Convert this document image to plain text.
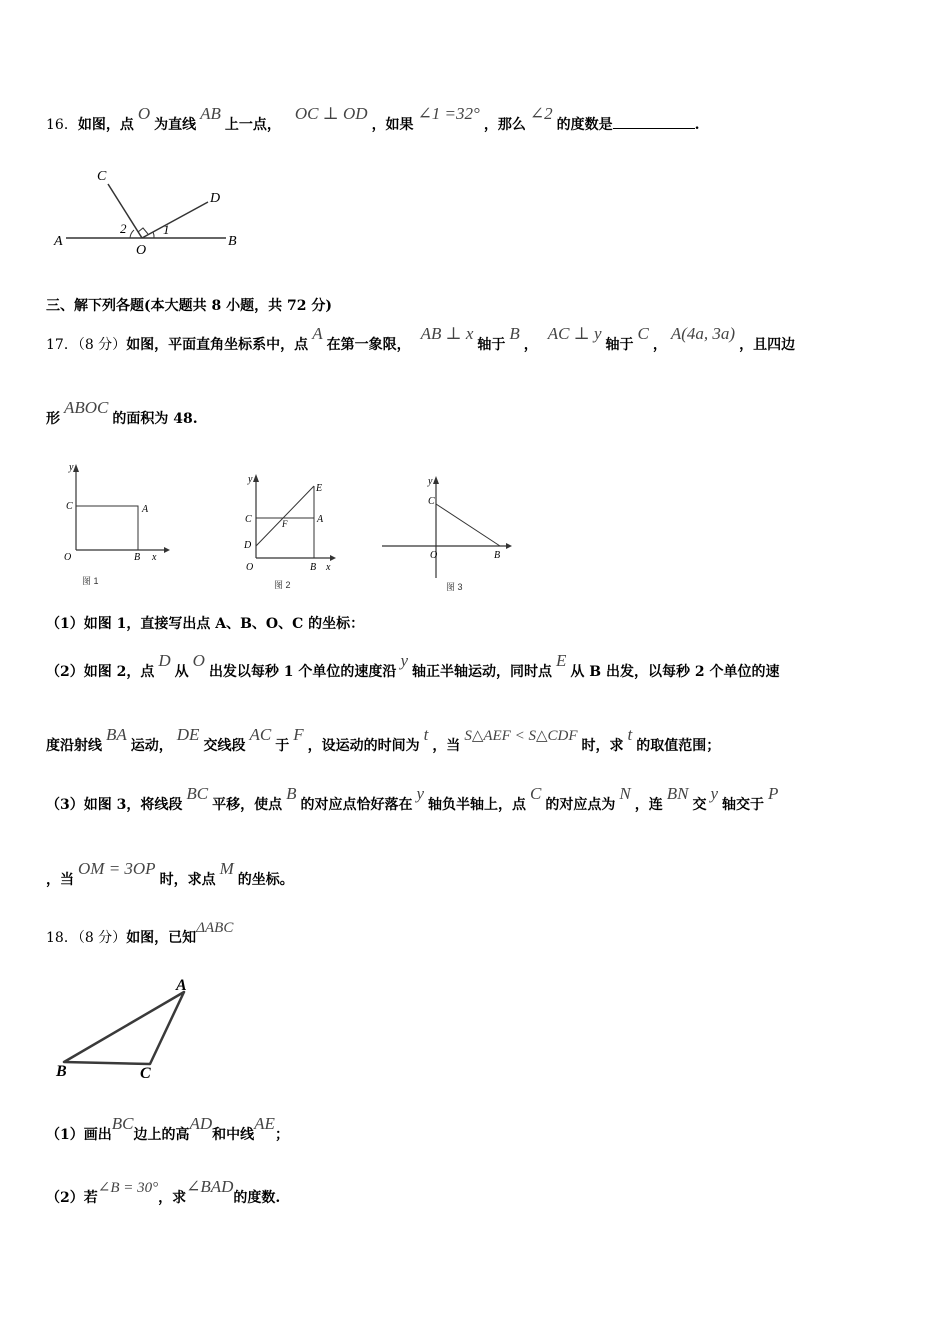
16．如图，点O为直线AB上一点，OC ⊥ OD，如果∠1 =32°，那么∠2的度数是	.
A	B
C
D
O
1
2
三、解下列各题(本大题共 8 小题，共 72 分)
17．（8 分）如图，平面直角坐标系中，点A在第一象限，AB ⊥ x轴于B，AC ⊥ y轴于C，A(4a, 3a)，且四边
形ABOC的面积为 48.
y
x
C	A
O	B
图 1
y
x
E
C	F	A
D
O	B
图 2
y
C
O	B
图 3
（1）如图 1，直接写出点 A、B、O、C 的坐标：
（2）如图 2，点D从O出发以每秒 1 个单位的速度沿y轴正半轴运动，同时点E从 B 出发，以每秒 2 个单位的速
度沿射线BA运动，DE交线段AC于F，设运动的时间为t，当S△AEF < S△CDF时，求t的取值范围；
（3）如图 3，将线段BC平移，使点B的对应点恰好落在y轴负半轴上，点C的对应点为N，连BN交y轴交于P
，当OM = 3OP时，求点M的坐标。
18．（8 分）如图，已知ΔABC
A
B	C
（1）画出BC边上的高AD和中线AE；
（2）若∠B = 30°，求∠BAD的度数.
